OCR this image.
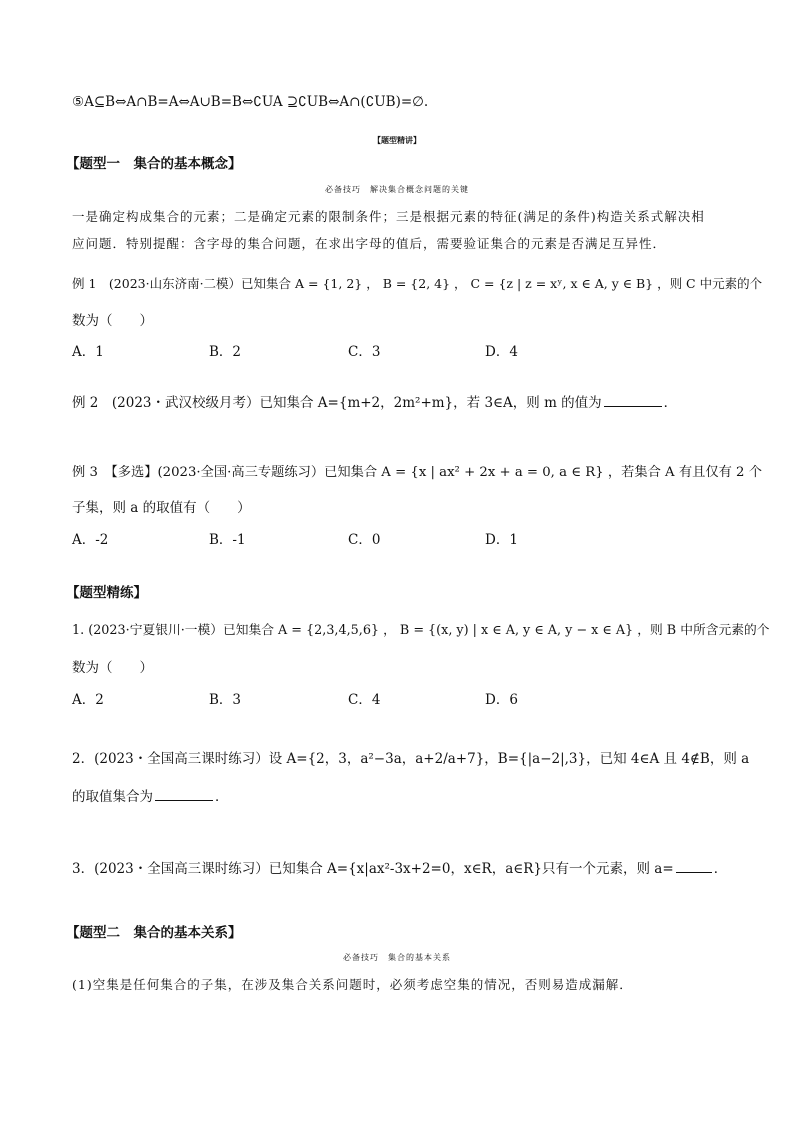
⑤A⊆B⇔A∩B=A⇔A∪B=B⇔∁UA ⊇∁UB⇔A∩(∁UB)=∅.
【题型精讲】
【题型一　集合的基本概念】
必备技巧　解决集合概念问题的关键
一是确定构成集合的元素；二是确定元素的限制条件；三是根据元素的特征(满足的条件)构造关系式解决相
应问题．特别提醒：含字母的集合问题，在求出字母的值后，需要验证集合的元素是否满足互异性．
例 1　(2023·山东济南·二模）已知集合 A = {1, 2} ， B = {2, 4} ， C = {z | z = xʸ, x ∈ A, y ∈ B} ，则 C 中元素的个
数为（　　）
A．1	B．2	C．3	D．4
例 2　(2023・武汉校级月考）已知集合 A={m+2，2m²+m}，若 3∈A，则 m 的值为	．
例 3　【多选】(2023·全国·高三专题练习）已知集合 A = {x | ax² + 2x + a = 0, a ∈ R} ，若集合 A 有且仅有 2 个
子集，则 a 的取值有（　　）
A．-2	B．-1	C．0	D．1
【题型精练】
1. (2023·宁夏银川·一模）已知集合 A = {2,3,4,5,6} ， B = {(x, y) | x ∈ A, y ∈ A, y − x ∈ A} ，则 B 中所含元素的个
数为（　　）
A．2	B．3	C．4	D．6
2．(2023・全国高三课时练习）设 A={2，3，a²−3a，a+2/a+7}，B={|a−2|,3}，已知 4∈A 且 4∉B，则 a
的取值集合为	．
3．(2023・全国高三课时练习）已知集合 A={x|ax²-3x+2=0，x∈R，a∈R}只有一个元素，则 a=	．
【题型二　集合的基本关系】
必备技巧　集合的基本关系
(1)空集是任何集合的子集，在涉及集合关系问题时，必须考虑空集的情况，否则易造成漏解．
